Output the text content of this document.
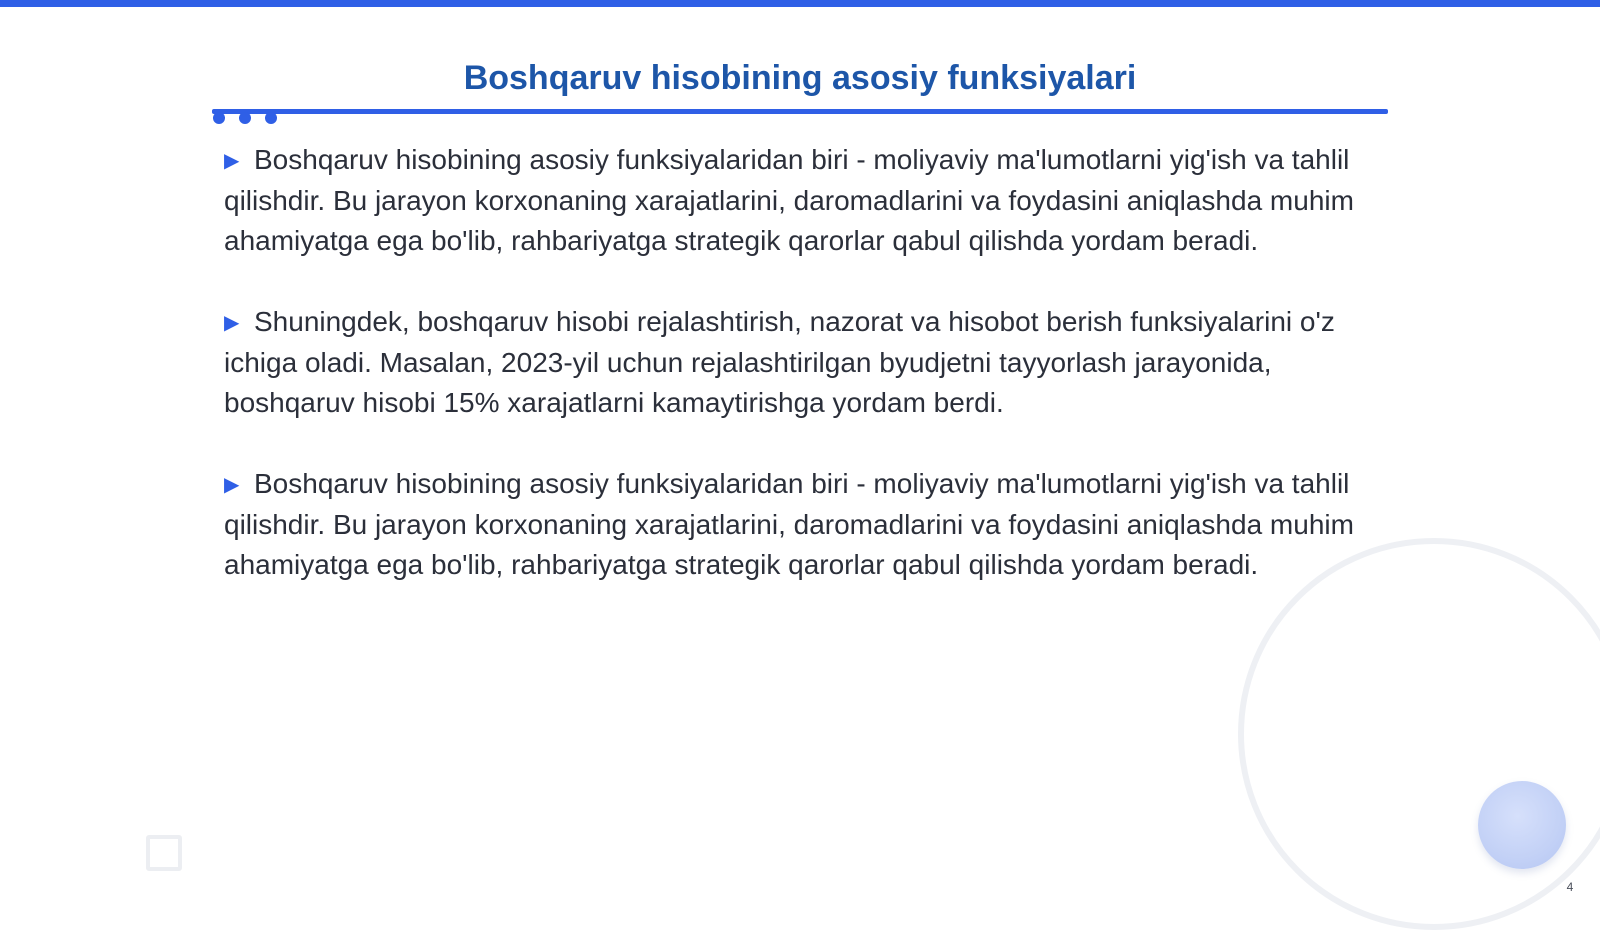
Boshqaruv hisobining asosiy funksiyalari

▶ Boshqaruv hisobining asosiy funksiyalaridan biri - moliyaviy ma'lumotlarni yig'ish va tahlil qilishdir. Bu jarayon korxonaning xarajatlarini, daromadlarini va foydasini aniqlashda muhim ahamiyatga ega bo'lib, rahbariyatga strategik qarorlar qabul qilishda yordam beradi.

▶ Shuningdek, boshqaruv hisobi rejalashtirish, nazorat va hisobot berish funksiyalarini o'z ichiga oladi. Masalan, 2023-yil uchun rejalashtirilgan byudjetni tayyorlash jarayonida, boshqaruv hisobi 15% xarajatlarni kamaytirishga yordam berdi.

▶ Boshqaruv hisobining asosiy funksiyalaridan biri - moliyaviy ma'lumotlarni yig'ish va tahlil qilishdir. Bu jarayon korxonaning xarajatlarini, daromadlarini va foydasini aniqlashda muhim ahamiyatga ega bo'lib, rahbariyatga strategik qarorlar qabul qilishda yordam beradi.

4
